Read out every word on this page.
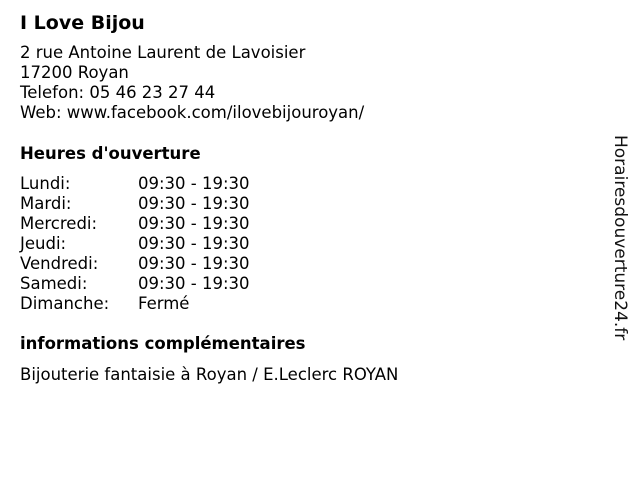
I Love Bijou
2 rue Antoine Laurent de Lavoisier
17200 Royan
Telefon: 05 46 23 27 44
Web: www.facebook.com/ilovebijouroyan/
Heures d'ouverture
Lundi:	09:30 - 19:30
Mardi:	09:30 - 19:30
Mercredi:	09:30 - 19:30
Jeudi:	09:30 - 19:30
Vendredi:	09:30 - 19:30
Samedi:	09:30 - 19:30
Dimanche:	Fermé
informations complémentaires
Bijouterie fantaisie à Royan / E.Leclerc ROYAN
Horairesdouverture24.fr
